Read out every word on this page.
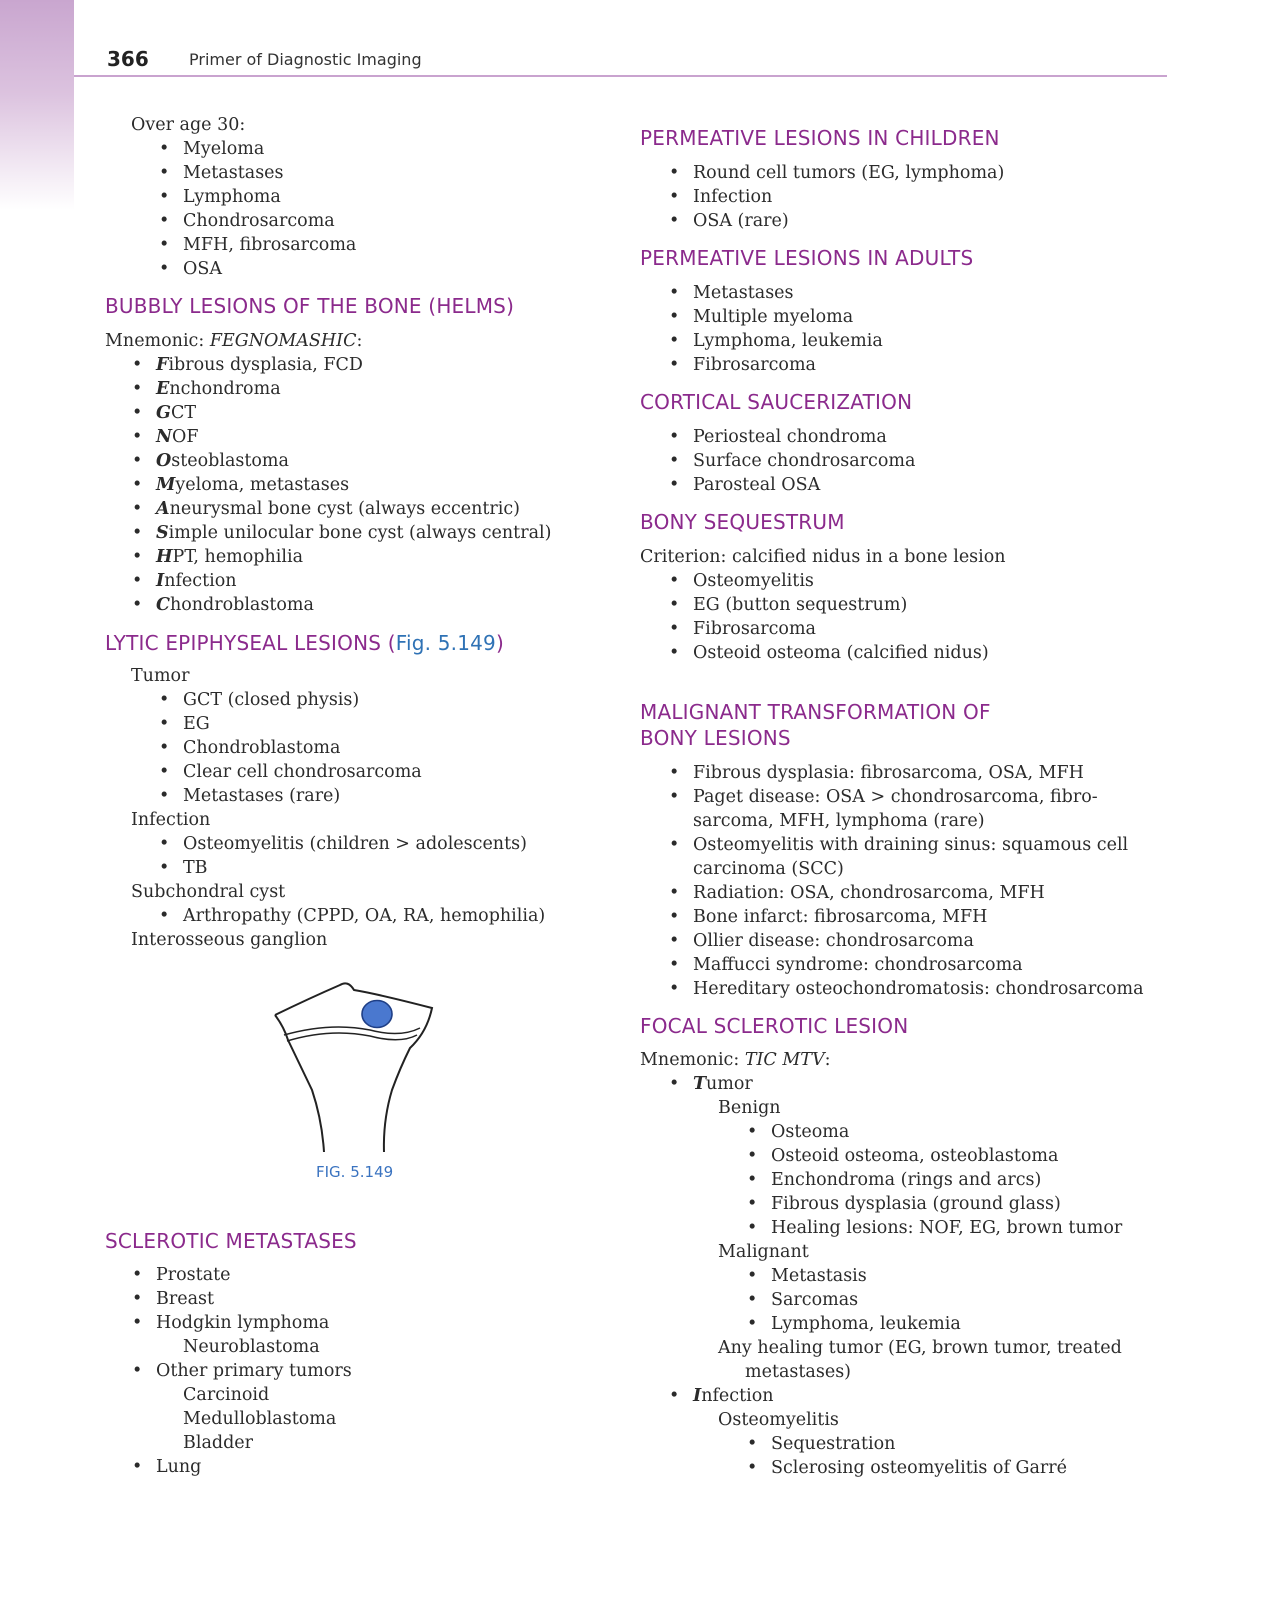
366	Primer of Diagnostic Imaging
Over age 30:
• Myeloma
• Metastases
• Lymphoma
• Chondrosarcoma
• MFH, fibrosarcoma
• OSA
BUBBLY LESIONS OF THE BONE (HELMS)
Mnemonic: FEGNOMASHIC:
• Fibrous dysplasia, FCD
• Enchondroma
• GCT
• NOF
• Osteoblastoma
• Myeloma, metastases
• Aneurysmal bone cyst (always eccentric)
• Simple unilocular bone cyst (always central)
• HPT, hemophilia
• Infection
• Chondroblastoma
LYTIC EPIPHYSEAL LESIONS (Fig. 5.149)
Tumor
• GCT (closed physis)
• EG
• Chondroblastoma
• Clear cell chondrosarcoma
• Metastases (rare)
Infection
• Osteomyelitis (children > adolescents)
• TB
Subchondral cyst
• Arthropathy (CPPD, OA, RA, hemophilia)
Interosseous ganglion
SCLEROTIC METASTASES
• Prostate
• Breast
• Hodgkin lymphoma
Neuroblastoma
• Other primary tumors
Carcinoid
Medulloblastoma
Bladder
• Lung
FIG. 5.149
PERMEATIVE LESIONS IN CHILDREN
• Round cell tumors (EG, lymphoma)
• Infection
• OSA (rare)
PERMEATIVE LESIONS IN ADULTS
• Metastases
• Multiple myeloma
• Lymphoma, leukemia
• Fibrosarcoma
CORTICAL SAUCERIZATION
• Periosteal chondroma
• Surface chondrosarcoma
• Parosteal OSA
BONY SEQUESTRUM
Criterion: calcified nidus in a bone lesion
• Osteomyelitis
• EG (button sequestrum)
• Fibrosarcoma
• Osteoid osteoma (calcified nidus)
MALIGNANT TRANSFORMATION OF
BONY LESIONS
• Fibrous dysplasia: fibrosarcoma, OSA, MFH
• Paget disease: OSA > chondrosarcoma, fibro-
sarcoma, MFH, lymphoma (rare)
• Osteomyelitis with draining sinus: squamous cell
carcinoma (SCC)
• Radiation: OSA, chondrosarcoma, MFH
• Bone infarct: fibrosarcoma, MFH
• Ollier disease: chondrosarcoma
• Maffucci syndrome: chondrosarcoma
• Hereditary osteochondromatosis: chondrosarcoma
FOCAL SCLEROTIC LESION
Mnemonic: TIC MTV:
• Tumor
Benign
• Osteoma
• Osteoid osteoma, osteoblastoma
• Enchondroma (rings and arcs)
• Fibrous dysplasia (ground glass)
• Healing lesions: NOF, EG, brown tumor
Malignant
• Metastasis
• Sarcomas
• Lymphoma, leukemia
Any healing tumor (EG, brown tumor, treated
metastases)
• Infection
Osteomyelitis
• Sequestration
• Sclerosing osteomyelitis of Garré
